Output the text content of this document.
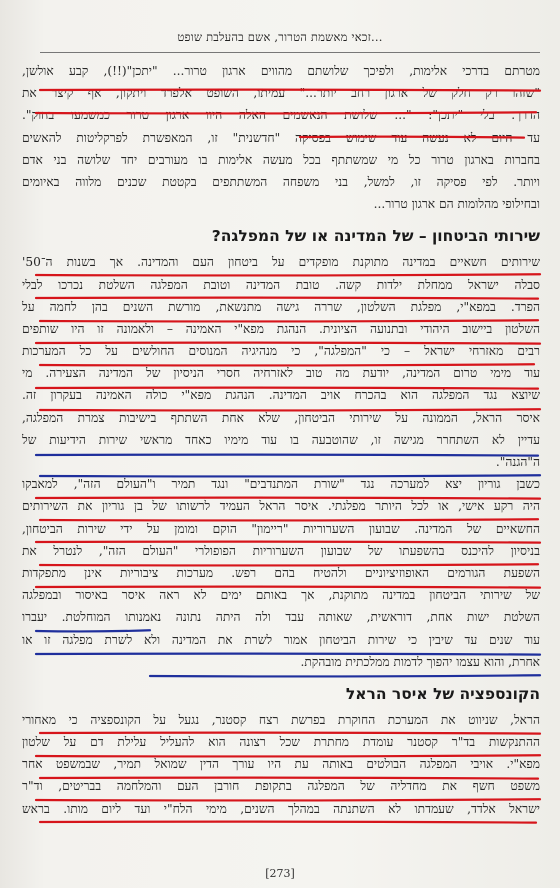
זכאי מאשמת הטרור, אשם בהעלבת שופט...
מטרתם בדרכי אלימות, ולפיכך שלושתם מהווים ארגון טרור... "יתכן"(!!), קבע אולשן,
"שזהו רק חלק של ארגון רחב יותר..." עמיתו, השופט אלפרד ויתקון, אף קיצר את
הדרך. בלי "יתכן": "... שלושת הנאשמים האלה היוו ארגון טרור כמשמעו בחוק".
עד היום לא נעשה עוד שימוש בפסיקה "חדשנית" זו, המאפשרת לפרקליטות להאשים
בחברות בארגון טרור כל מי שמשתתף בכל מעשה אלימות בו מעורבים יחד שלושה בני אדם
ויותר. לפי פסיקה זו, למשל, בני משפחה המשתתפים בקטטת שכנים מלווה באיומים
ובחילופי מהלומות הם ארגון טרור...
שירותי הביטחון – של המדינה או של המפלגה?
שירותים חשאיים במדינה מתוקנת מופקדים על ביטחון העם והמדינה. אך בשנות ה־50'
סבלה ישראל ממחלת ילדות קשה. טובת המדינה וטובת המפלגה השלטת נכרכו לבלי
הפרד. במפא"י, מפלגת השלטון, שררה גישה מתנשאת, מורשת השנים בהן לחמה על
השלטון ביישוב היהודי ובתנועה הציונית. הנהגת מפא"י האמינה – ולאמונה זו היו שותפים
רבים מאזרחי ישראל – כי "המפלגה", כי מנהיגיה המנוסים החולשים על כל המערכות
עוד מימי טרום המדינה, יודעת מה טוב לאזרחיה חסרי הניסיון של המדינה הצעירה. מי
שיוצא נגד המפלגה הוא בהכרח אויב המדינה. הנהגת מפא"י כולה האמינה בעקרון זה.
איסר הראל, הממונה על שירותי הביטחון, שלא אחת השתתף בישיבות צמרת המפלגה,
עדיין לא השתחרר מגישה זו, שהוטבעה בו עוד מימיו כאחד מראשי שירות הידיעות של
ה"הגנה".
כשבן גוריון יצא למערכה נגד "שורת המתנדבים" ונגד תמיר ו"העולם הזה", למאבקו
היה רקע אישי, או לכל היותר מפלגתי. איסר הראל העמיד לרשותו של בן גוריון את השירותים
החשאיים של המדינה. שבועון השערוריות "ריימון" הוקם ומומן על ידי שירות הביטחון,
בניסיון להיכנס בהשפעתו של שבועון השערוריות הפופולרי "העולם הזה", לנטרל את
השפעת הגורמים האופוזיציוניים ולהטיח בהם רפש. מערכות ציבוריות אינן מתפקדות
של שירותי הביטחון במדינה מתוקנת, אך באותם ימים לא ראה איסר באיסור ובמפלגה
השלטת ישות אחת, דוראשית, שאותה עבד ולה היתה נתונה נאמנותו המוחלטת. יעברו
עוד שנים עד שיבין כי שירות הביטחון אמור לשרת את המדינה ולא לשרת מפלגה זו או
אחרת, והוא עצמו יהפוך לדמות ממלכתית מובהקת.
הקונספציה של איסר הראל
הראל, שניווט את המערכת החוקרת בפרשת רצח קסטנר, נגעל על הקונספציה כי מאחורי
ההתנקשות בד"ר קסטנר עומדת מחתרת שכל רצונה הוא להעליל עלילת דם על שלטון
מפא"י. אויבי המפלגה הבולטים באותה עת היו עורך הדין שמואל תמיר, שבמשפט אחר
משפט חשף את מחדליה של המפלגה בתקופת חורבן העם והמלחמה בבריטים, וד"ר
ישראל אלדד, שעמדתו לא השתנתה במהלך השנים, מימי הלח"י ועד ליום מותו. בראש
[273]
